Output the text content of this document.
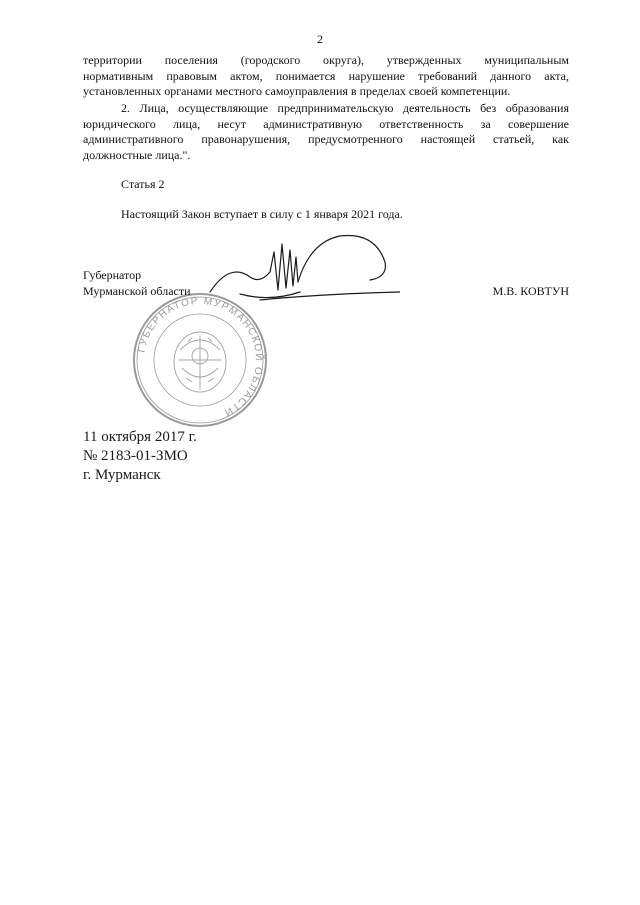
2
территории поселения (городского округа), утвержденных муниципальным
нормативным правовым актом, понимается нарушение требований данного акта,
установленных органами местного самоуправления в пределах своей компетенции.
2. Лица, осуществляющие предпринимательскую деятельность без образования
юридического лица, несут административную ответственность за совершение
административного правонарушения, предусмотренного настоящей статьей, как
должностные лица.".
Статья 2
Настоящий Закон вступает в силу с 1 января 2021 года.
ГУБЕРНАТОР МУРМАНСКОЙ ОБЛАСТИ
Губернатор
Мурманской области	М.В. КОВТУН
11 октября 2017 г.
№ 2183-01-ЗМО
г. Мурманск
